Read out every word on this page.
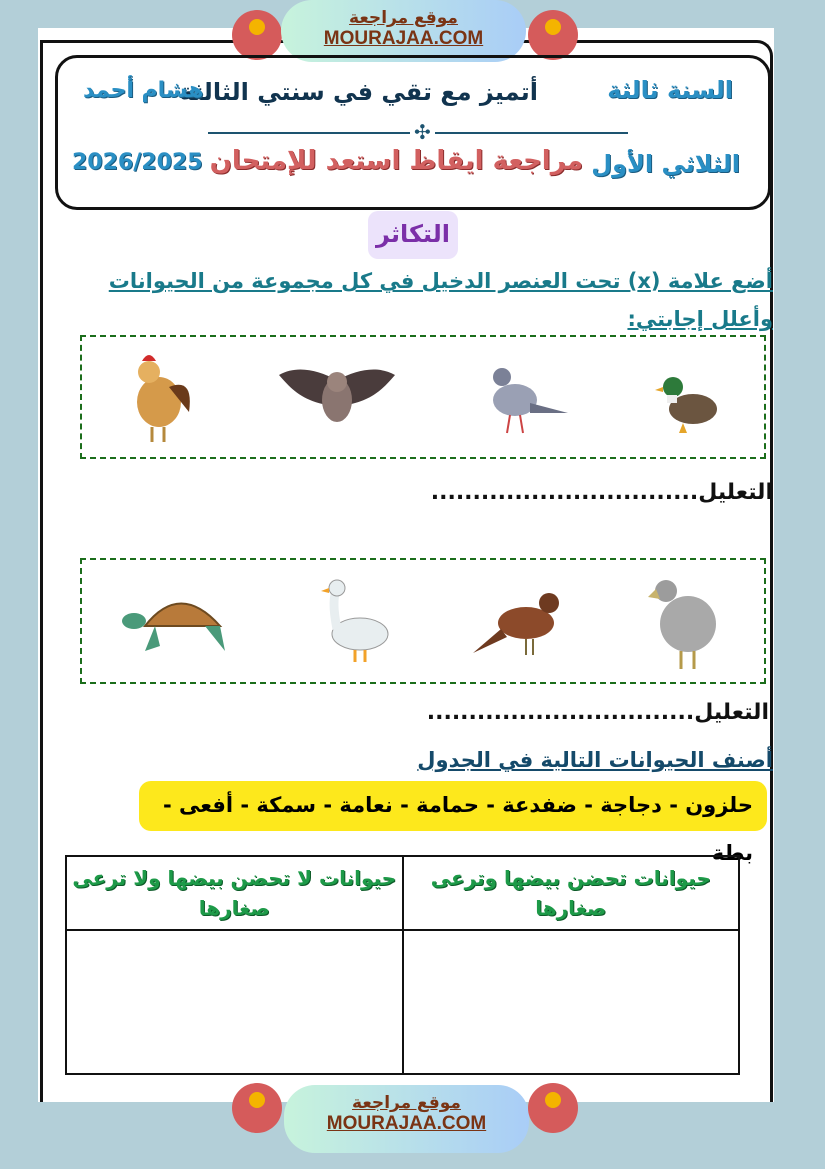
موقع مراجعة
MOURAJAA.COM
السنة ثالثة
أتميز مع تقي في سنتي الثالثة
هشام أحمد
✣
الثلاثي الأول
مراجعة ايقاظ استعد للإمتحان
2026/2025
التكاثر
أضع علامة (x) تحت العنصر الدخيل في كل مجموعة من الحيوانات وأعلل إجابتي:
التعليل................................
التعليل................................
أصنف الحيوانات التالية في الجدول
حلزون - دجاجة - ضفدعة - حمامة - نعامة - سمكة - أفعى - بطة
حيوانات تحضن بيضها وترعى صغارها	حيوانات لا تحضن بيضها ولا ترعى صغارها

موقع مراجعة
MOURAJAA.COM
